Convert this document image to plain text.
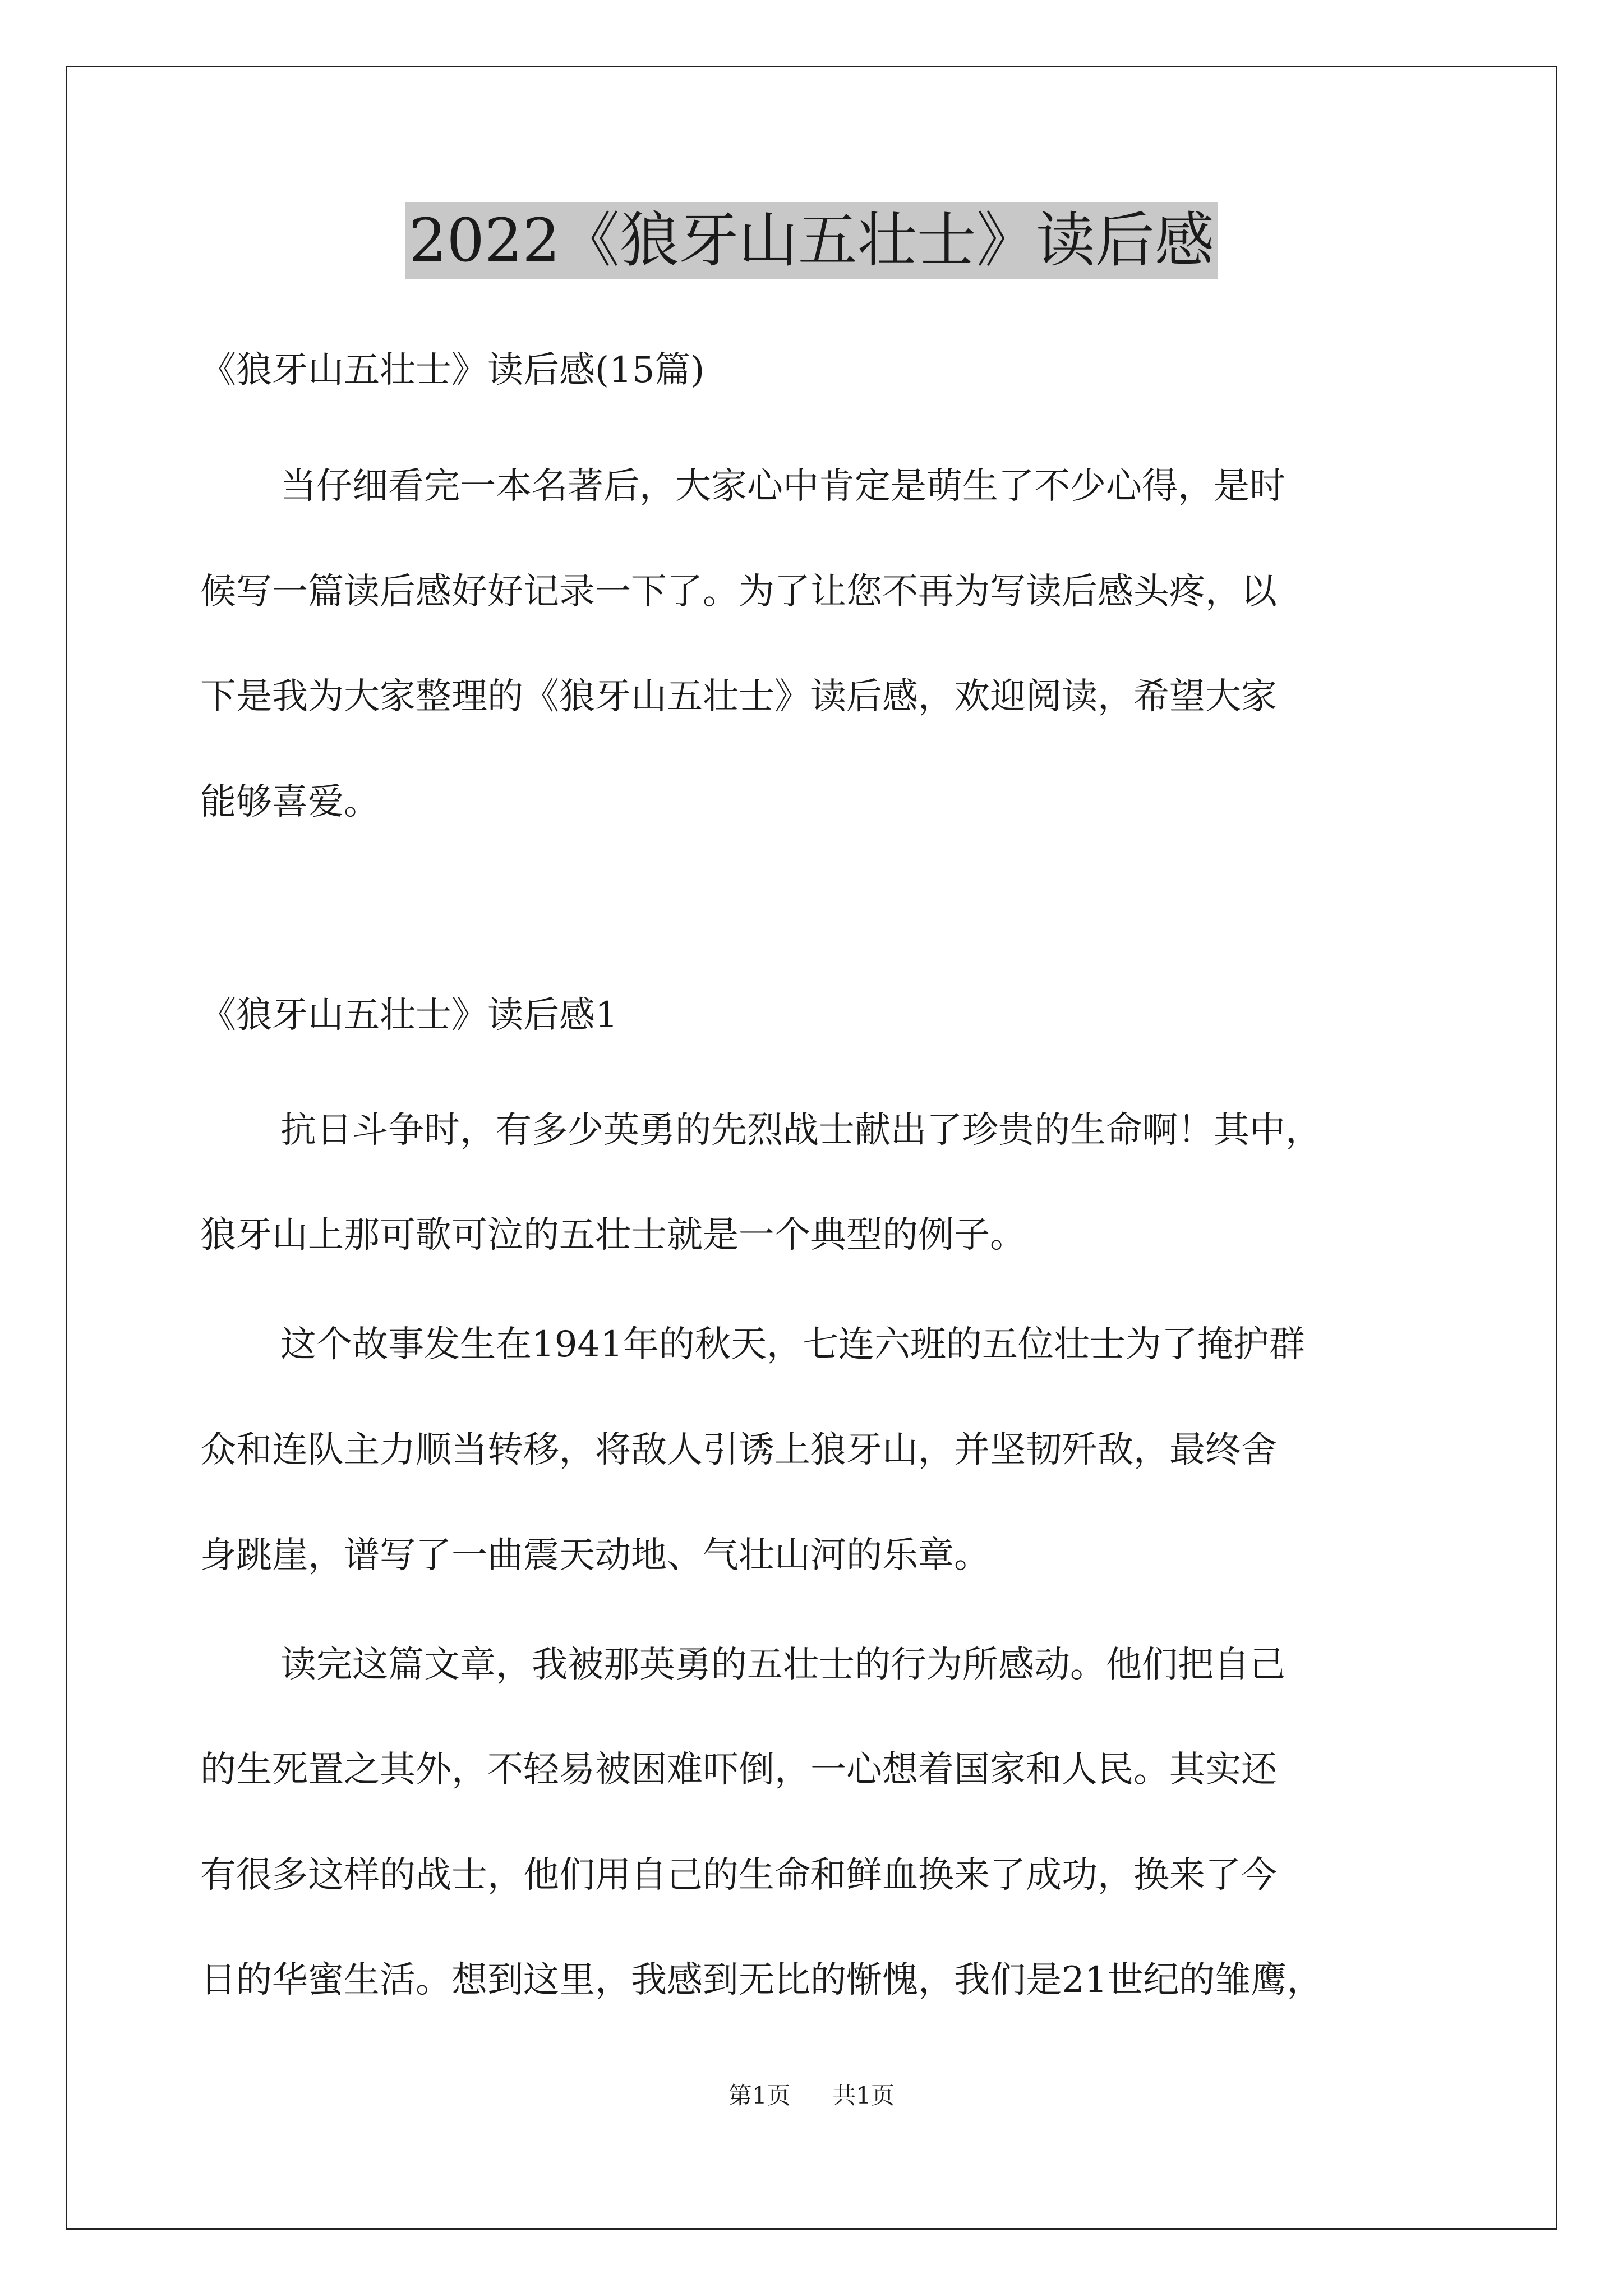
2022《狼牙山五壮士》读后感
《狼牙山五壮士》读后感(15篇)
当仔细看完一本名著后，大家心中肯定是萌生了不少心得，是时
候写一篇读后感好好记录一下了。为了让您不再为写读后感头疼，以
下是我为大家整理的《狼牙山五壮士》读后感，欢迎阅读，希望大家
能够喜爱。
《狼牙山五壮士》读后感1
抗日斗争时，有多少英勇的先烈战士献出了珍贵的生命啊！其中，
狼牙山上那可歌可泣的五壮士就是一个典型的例子。
这个故事发生在1941年的秋天，七连六班的五位壮士为了掩护群
众和连队主力顺当转移，将敌人引诱上狼牙山，并坚韧歼敌，最终舍
身跳崖，谱写了一曲震天动地、气壮山河的乐章。
读完这篇文章，我被那英勇的五壮士的行为所感动。他们把自己
的生死置之其外，不轻易被困难吓倒，一心想着国家和人民。其实还
有很多这样的战士，他们用自己的生命和鲜血换来了成功，换来了今
日的华蜜生活。想到这里，我感到无比的惭愧，我们是21世纪的雏鹰，
第1页 共1页
